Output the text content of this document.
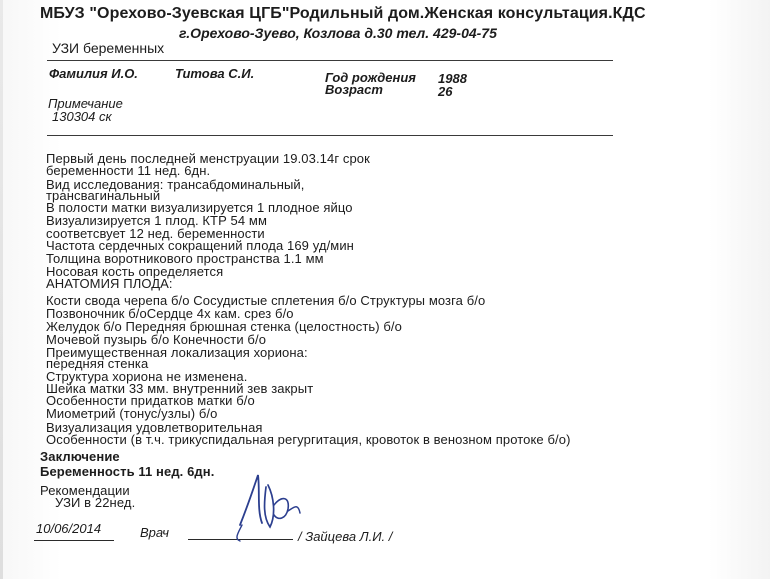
МБУЗ "Орехово-Зуевская ЦГБ"Родильный дом.Женская консультация.КДС
г.Орехово-Зуево, Козлова д.30 тел. 429-04-75
УЗИ беременных
Фамилия И.О.	Титова С.И.	Год рождения 1988
Возраст	26
Примечание
130304 ск
Первый день последней менструации 19.03.14г срок
беременности 11 нед. 6дн.
Вид исследования: трансабдоминальный,
трансвагинальный
В полости матки визуализируется 1 плодное яйцо
Визуализируется 1 плод. КТР 54 мм
соответсвует 12 нед. беременности
Частота сердечных сокращений плода 169 уд/мин
Толщина воротникового пространства 1.1 мм
Носовая кость определяется
АНАТОМИЯ ПЛОДА:
Кости свода черепа б/о Сосудистые сплетения б/о Структуры мозга б/о
Позвоночник б/оСердце 4х кам. срез б/о
Желудок б/о Передняя брюшная стенка (целостность) б/о
Мочевой пузырь б/о Конечности б/о
Преимущественная локализация хориона:
передняя стенка
Структура хориона не изменена.
Шейка матки 33 мм. внутренний зев закрыт
Особенности придатков матки б/о
Миометрий (тонус/узлы) б/о
Визуализация удовлетворительная
Особенности (в т.ч. трикуспидальная регургитация, кровоток в венозном протоке б/о)
Заключение
Беременность 11 нед. 6дн.
Рекомендации
УЗИ в 22нед.
10/06/2014	Врач	/ Зайцева Л.И. /
